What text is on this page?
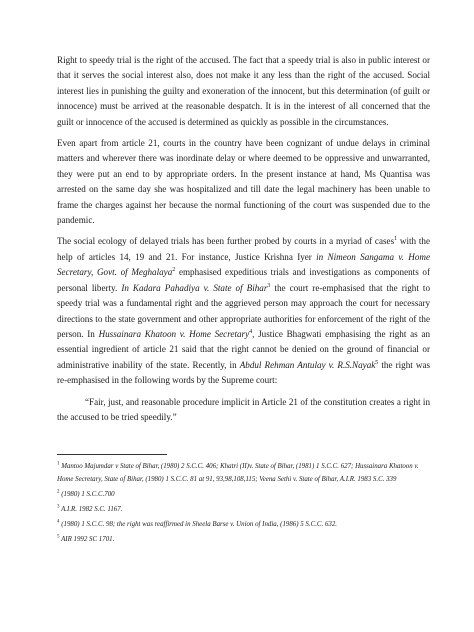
Right to speedy trial is the right of the accused. The fact that a speedy trial is also in public interest or that it serves the social interest also, does not make it any less than the right of the accused. Social interest lies in punishing the guilty and exoneration of the innocent, but this determination (of guilt or innocence) must be arrived at the reasonable despatch. It is in the interest of all concerned that the guilt or innocence of the accused is determined as quickly as possible in the circumstances.

Even apart from article 21, courts in the country have been cognizant of undue delays in criminal matters and wherever there was inordinate delay or where deemed to be oppressive and unwarranted, they were put an end to by appropriate orders. In the present instance at hand, Ms Quantisa was arrested on the same day she was hospitalized and till date the legal machinery has been unable to frame the charges against her because the normal functioning of the court was suspended due to the pandemic.

The social ecology of delayed trials has been further probed by courts in a myriad of cases$^1$ with the help of articles 14, 19 and 21. For instance, Justice Krishna Iyer in Nimeon Sangama v. Home Secretary, Govt. of Meghalaya$^2$ emphasised expeditious trials and investigations as components of personal liberty. In Kadara Pahadiya v. State of Bihar$^3$ the court re-emphasised that the right to speedy trial was a fundamental right and the aggrieved person may approach the court for necessary directions to the state government and other appropriate authorities for enforcement of the right of the person. In Hussainara Khatoon v. Home Secretary$^4$, Justice Bhagwati emphasising the right as an essential ingredient of article 21 said that the right cannot be denied on the ground of financial or administrative inability of the state. Recently, in Abdul Rehman Antulay v. R.S.Nayak$^5$ the right was re-emphasised in the following words by the Supreme court:

“Fair, just, and reasonable procedure implicit in Article 21 of the constitution creates a right in the accused to be tried speedily.”

$^1$ Mantoo Majumdar v State of Bihar, (1980) 2 S.C.C. 406; Khatri (II)v. State of Bihar, (1981) 1 S.C.C. 627; Hussainara Khatoon v. Home Secretary, State of Bihar, (1980) 1 S.C.C. 81 at 91, 93,98,108,115; Veena Sethi v. State of Bihar, A.I.R. 1983 S.C. 339

$^2$ (1980) 1 S.C.C.700

$^3$ A.I.R. 1982 S.C. 1167.

$^4$ (1980) 1 S.C.C. 98; the right was reaffirmed in Sheela Barse v. Union of India, (1986) 5 S.C.C. 632.

$^5$ AIR 1992 SC 1701.
